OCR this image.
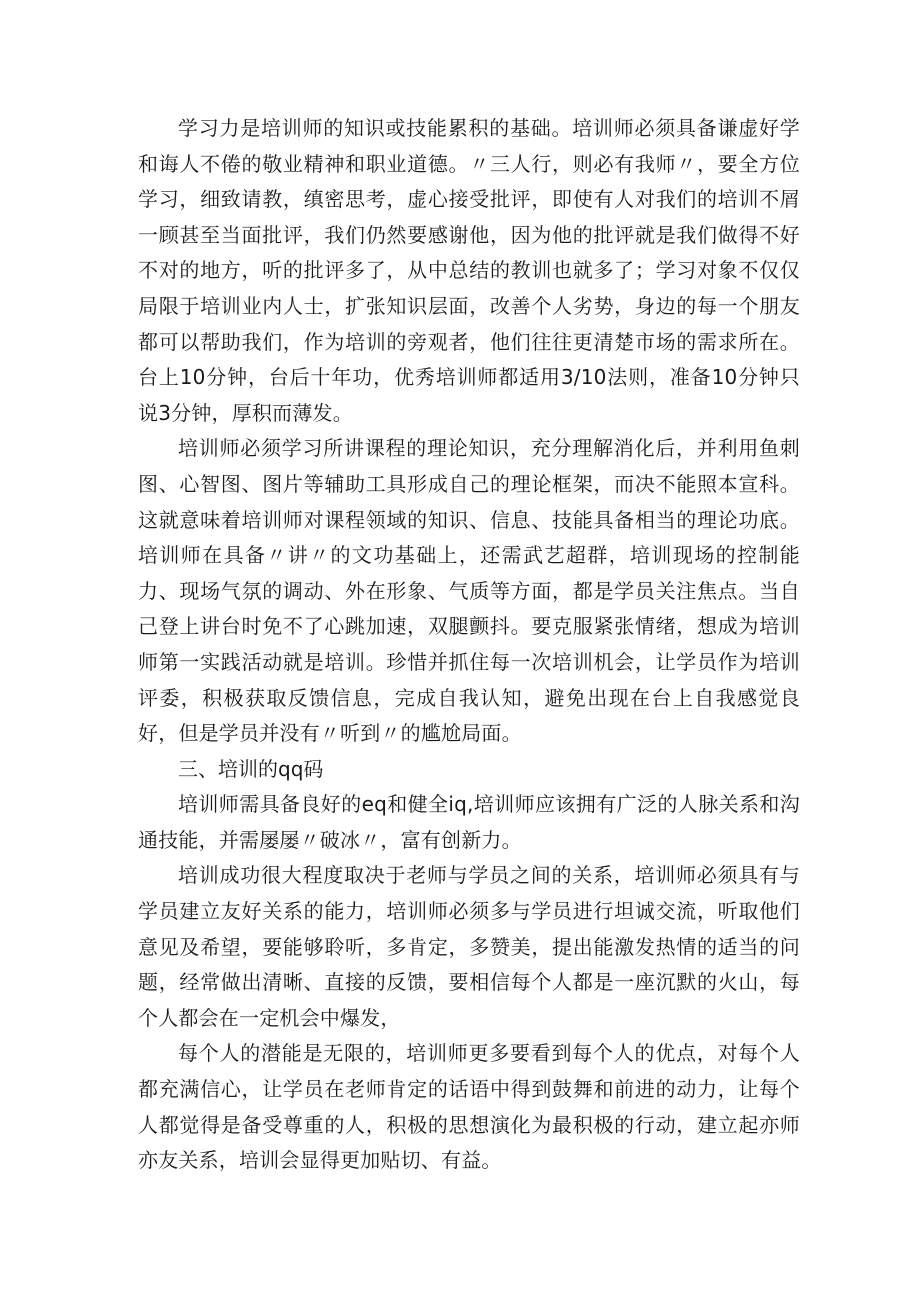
学习力是培训师的知识或技能累积的基础。培训师必须具备谦虚好学和诲人不倦的敬业精神和职业道德。〃三人行，则必有我师〃，要全方位学习，细致请教，缜密思考，虚心接受批评，即使有人对我们的培训不屑一顾甚至当面批评，我们仍然要感谢他，因为他的批评就是我们做得不好不对的地方，听的批评多了，从中总结的教训也就多了；学习对象不仅仅局限于培训业内人士，扩张知识层面，改善个人劣势，身边的每一个朋友都可以帮助我们，作为培训的旁观者，他们往往更清楚市场的需求所在。台上10分钟，台后十年功，优秀培训师都适用3/10法则，准备10分钟只说3分钟，厚积而薄发。

培训师必须学习所讲课程的理论知识，充分理解消化后，并利用鱼刺图、心智图、图片等辅助工具形成自己的理论框架，而决不能照本宣科。这就意味着培训师对课程领域的知识、信息、技能具备相当的理论功底。培训师在具备〃讲〃的文功基础上，还需武艺超群，培训现场的控制能力、现场气氛的调动、外在形象、气质等方面，都是学员关注焦点。当自己登上讲台时免不了心跳加速，双腿颤抖。要克服紧张情绪，想成为培训师第一实践活动就是培训。珍惜并抓住每一次培训机会，让学员作为培训评委，积极获取反馈信息，完成自我认知，避免出现在台上自我感觉良好，但是学员并没有〃听到〃的尴尬局面。

三、培训的qq码

培训师需具备良好的eq和健全iq,培训师应该拥有广泛的人脉关系和沟通技能，并需屡屡〃破冰〃，富有创新力。

培训成功很大程度取决于老师与学员之间的关系，培训师必须具有与学员建立友好关系的能力，培训师必须多与学员进行坦诚交流，听取他们意见及希望，要能够聆听，多肯定，多赞美，提出能激发热情的适当的问题，经常做出清晰、直接的反馈，要相信每个人都是一座沉默的火山，每个人都会在一定机会中爆发，

每个人的潜能是无限的，培训师更多要看到每个人的优点，对每个人都充满信心，让学员在老师肯定的话语中得到鼓舞和前进的动力，让每个人都觉得是备受尊重的人，积极的思想演化为最积极的行动，建立起亦师亦友关系，培训会显得更加贴切、有益。
